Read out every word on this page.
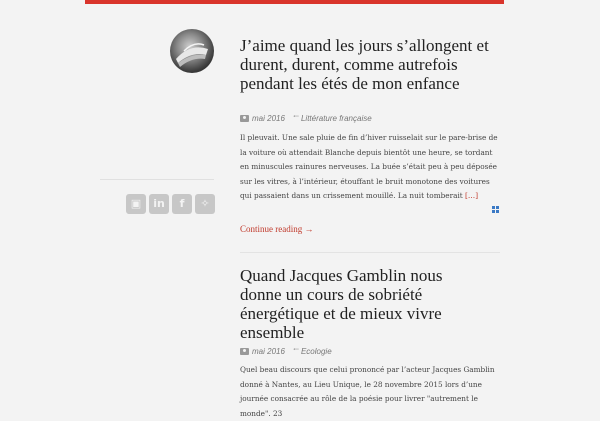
▣	in	f	✧
J’aime quand les jours s’allongent et durent, durent, comme autrefois pendant les étés de mon enfance
mai 2016 ⭪ Littérature française

Il pleuvait. Une sale pluie de fin d’hiver ruisselait sur le pare-brise de la voiture où attendait Blanche depuis bientôt une heure, se tordant en minuscules rainures nerveuses. La buée s’était peu à peu déposée sur les vitres, à l’intérieur, étouffant le bruit monotone des voitures qui passaient dans un crissement mouillé. La nuit tomberait […]

Continue reading →
Quand Jacques Gamblin nous donne un cours de sobriété énergétique et de mieux vivre ensemble
mai 2016 ⭪ Ecologie

Quel beau discours que celui prononcé par l’acteur Jacques Gamblin donné à Nantes, au Lieu Unique, le 28 novembre 2015 lors d’une journée consacrée au rôle de la poésie pour livrer "autrement le monde". 23
